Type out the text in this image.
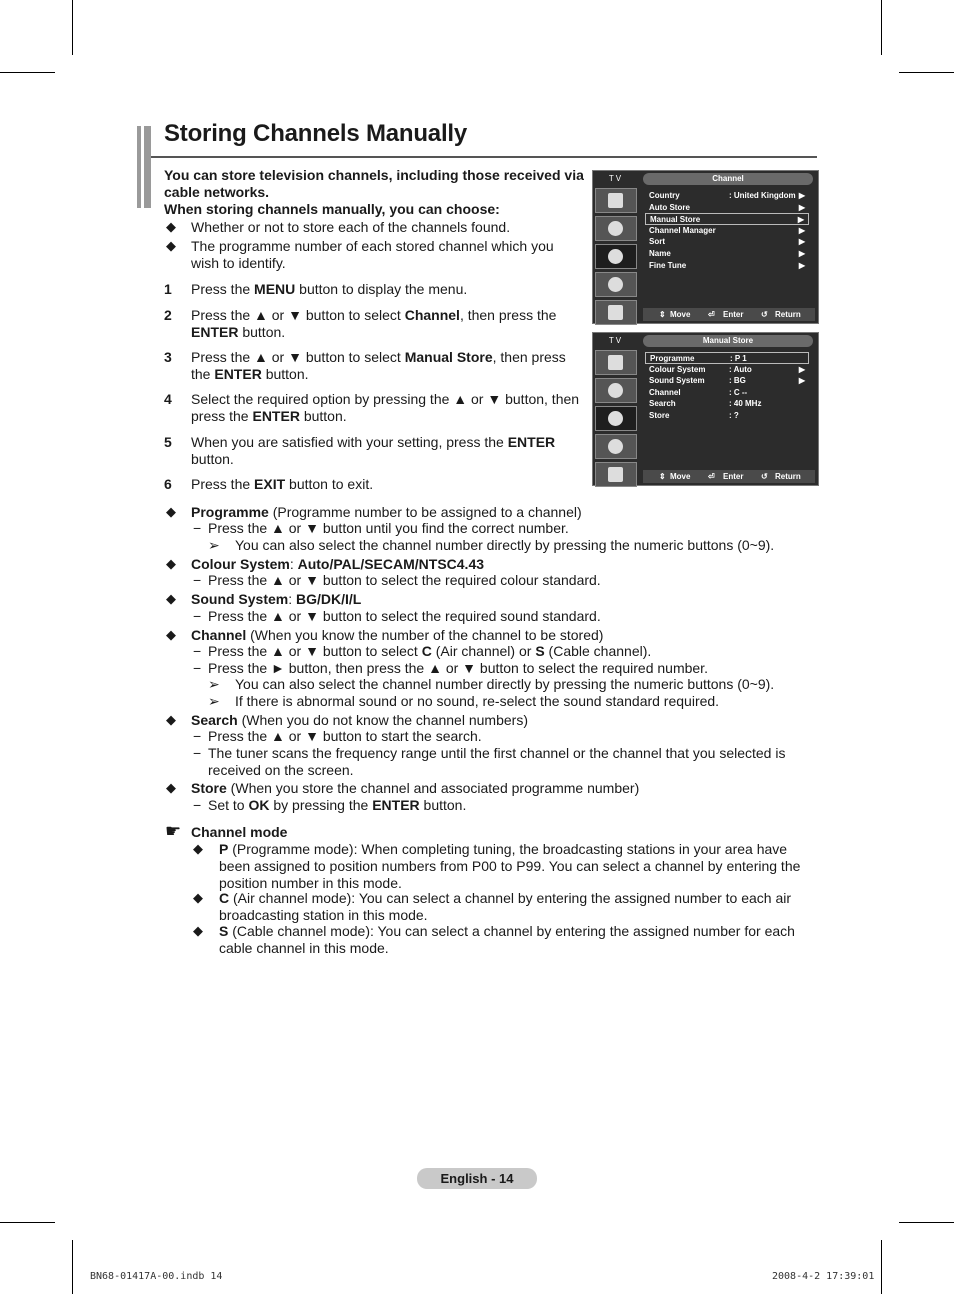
Storing Channels Manually
You can store television channels, including those received via cable networks.
When storing channels manually, you can choose:
◆ Whether or not to store each of the channels found.
◆ The programme number of each stored channel which you wish to identify.
1 Press the MENU button to display the menu.
2 Press the ▲ or ▼ button to select Channel, then press the ENTER button.
3 Press the ▲ or ▼ button to select Manual Store, then press the ENTER button.
4 Select the required option by pressing the ▲ or ▼ button, then press the ENTER button.
5 When you are satisfied with your setting, press the ENTER button.
6 Press the EXIT button to exit.
T V	Channel
Country	: United Kingdom ▶
Auto Store	▶
Manual Store	▶
Channel Manager	▶
Sort	▶
Name	▶
Fine Tune	▶
⇕ Move ⏎ Enter ↺ Return
T V	Manual Store
Programme	: P 1
Colour System	: Auto	▶
Sound System	: BG	▶
Channel	: C --
Search	: 40 MHz
Store	: ?
⇕ Move ⏎ Enter ↺ Return
◆ Programme (Programme number to be assigned to a channel)
− Press the ▲ or ▼ button until you find the correct number.
➢ You can also select the channel number directly by pressing the numeric buttons (0~9).
◆ Colour System: Auto/PAL/SECAM/NTSC4.43
− Press the ▲ or ▼ button to select the required colour standard.
◆ Sound System: BG/DK/I/L
− Press the ▲ or ▼ button to select the required sound standard.
◆ Channel (When you know the number of the channel to be stored)
− Press the ▲ or ▼ button to select C (Air channel) or S (Cable channel).
− Press the ► button, then press the ▲ or ▼ button to select the required number.
➢ You can also select the channel number directly by pressing the numeric buttons (0~9).
➢ If there is abnormal sound or no sound, re-select the sound standard required.
◆ Search (When you do not know the channel numbers)
− Press the ▲ or ▼ button to start the search.
− The tuner scans the frequency range until the first channel or the channel that you selected is received on the screen.
◆ Store (When you store the channel and associated programme number)
− Set to OK by pressing the ENTER button.
☛ Channel mode
◆ P (Programme mode): When completing tuning, the broadcasting stations in your area have been assigned to position numbers from P00 to P99. You can select a channel by entering the position number in this mode.
◆ C (Air channel mode): You can select a channel by entering the assigned number to each air broadcasting station in this mode.
◆ S (Cable channel mode): You can select a channel by entering the assigned number for each cable channel in this mode.
English - 14
BN68-01417A-00.indb 14	2008-4-2 17:39:01
